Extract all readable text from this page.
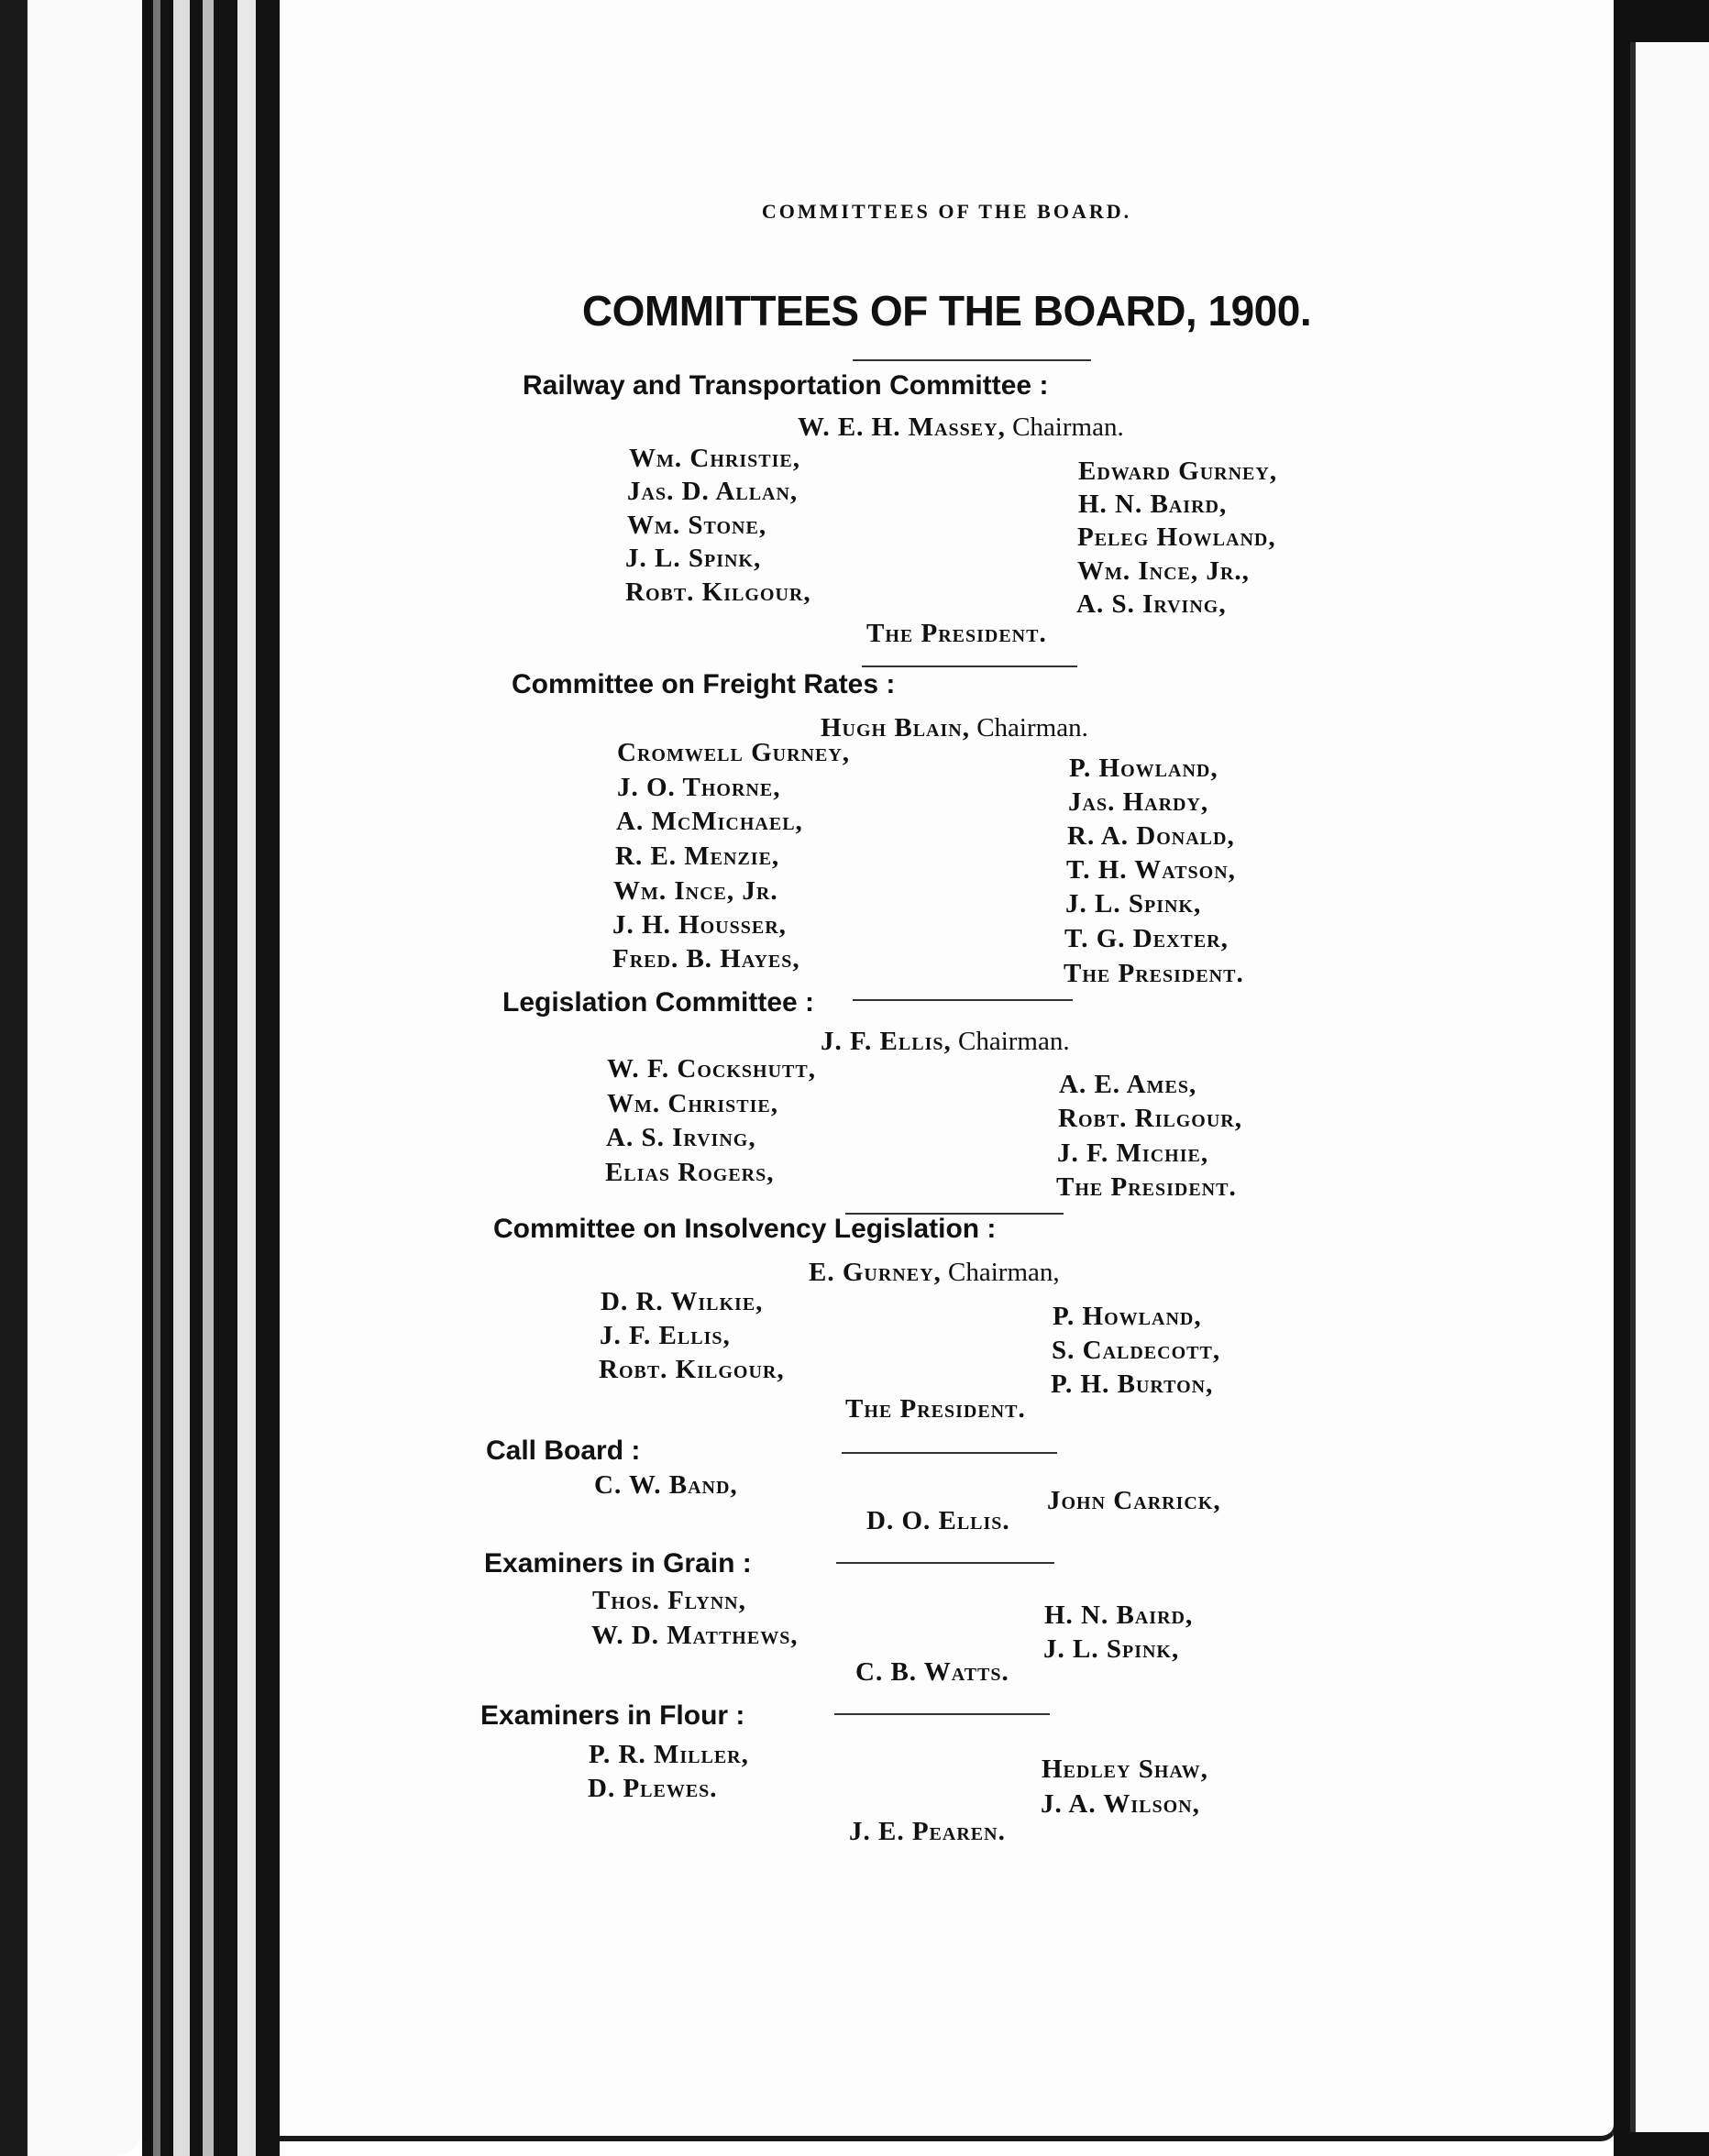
COMMITTEES OF THE BOARD.
COMMITTEES OF THE BOARD, 1900.
Railway and Transportation Committee :
W. E. H. Massey, Chairman.
Wm. Christie,
Jas. D. Allan,
Wm. Stone,
J. L. Spink,
Robt. Kilgour,
Edward Gurney,
H. N. Baird,
Peleg Howland,
Wm. Ince, Jr.,
A. S. Irving,
The President.
Committee on Freight Rates :
Hugh Blain, Chairman.
Cromwell Gurney,
J. O. Thorne,
A. McMichael,
R. E. Menzie,
Wm. Ince, Jr.
J. H. Housser,
Fred. B. Hayes,
P. Howland,
Jas. Hardy,
R. A. Donald,
T. H. Watson,
J. L. Spink,
T. G. Dexter,
The President.
Legislation Committee :
J. F. Ellis, Chairman.
W. F. Cockshutt,
Wm. Christie,
A. S. Irving,
Elias Rogers,
A. E. Ames,
Robt. Rilgour,
J. F. Michie,
The President.
Committee on Insolvency Legislation :
E. Gurney, Chairman,
D. R. Wilkie,
J. F. Ellis,
Robt. Kilgour,
P. Howland,
S. Caldecott,
P. H. Burton,
The President.
Call Board :
C. W. Band,
John Carrick,
D. O. Ellis.
Examiners in Grain :
Thos. Flynn,
W. D. Matthews,
H. N. Baird,
J. L. Spink,
C. B. Watts.
Examiners in Flour :
P. R. Miller,
D. Plewes.
Hedley Shaw,
J. A. Wilson,
J. E. Pearen.
